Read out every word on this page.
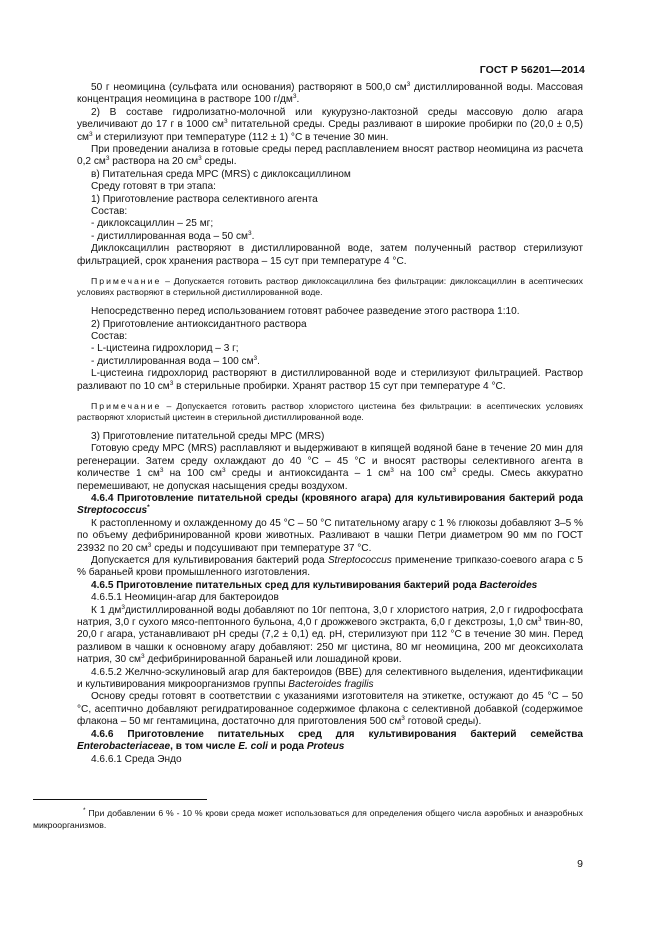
ГОСТ Р 56201—2014

50 г неомицина (сульфата или основания) растворяют в 500,0 $см^3$ дистиллированной воды. Массовая концентрация неомицина в растворе 100 $г/дм^3$.

2) В составе гидролизатно-молочной или кукурузно-лактозной среды массовую долю агара увеличивают до 17 г в 1000 $см^3$ питательной среды. Среды разливают в широкие пробирки по (20,0 ± 0,5) $см^3$ и стерилизуют при температуре (112 ± 1) °С в течение 30 мин.

При проведении анализа в готовые среды перед расплавлением вносят раствор неомицина из расчета 0,2 $см^3$ раствора на 20 $см^3$ среды.

в) Питательная среда МРС (MRS) с диклоксациллином

Среду готовят в три этапа:

1) Приготовление раствора селективного агента

Состав:

- диклоксациллин – 25 мг;

- дистиллированная вода – 50 $см^3$.

Диклоксациллин растворяют в дистиллированной воде, затем полученный раствор стерилизуют фильтрацией, срок хранения раствора – 15 сут при температуре 4 °С.

Примечание – Допускается готовить раствор диклоксациллина без фильтрации: диклоксациллин в асептических условиях растворяют в стерильной дистиллированной воде.

Непосредственно перед использованием готовят рабочее разведение этого раствора 1:10.

2) Приготовление антиоксидантного раствора

Состав:

- L-цистеина гидрохлорид – 3 г;

- дистиллированная вода – 100 $см^3$.

L-цистеина гидрохлорид растворяют в дистиллированной воде и стерилизуют фильтрацией. Раствор разливают по 10 $см^3$ в стерильные пробирки. Хранят раствор 15 сут при температуре 4 °С.

Примечание – Допускается готовить раствор хлористого цистеина без фильтрации: в асептических условиях растворяют хлористый цистеин в стерильной дистиллированной воде.

3) Приготовление питательной среды МРС (MRS)

Готовую среду МРС (MRS) расплавляют и выдерживают в кипящей водяной бане в течение 20 мин для регенерации. Затем среду охлаждают до 40 °С – 45 °С и вносят растворы селективного агента в количестве 1 $см^3$ на 100 $см^3$ среды и антиоксиданта – 1 $см^3$ на 100 $см^3$ среды. Смесь аккуратно перемешивают, не допуская насыщения среды воздухом.

4.6.4 Приготовление питательной среды (кровяного агара) для культивирования бактерий рода Streptococcus*

К растопленному и охлажденному до 45 °С – 50 °С питательному агару с 1 % глюкозы добавляют 3–5 % по объему дефибринированной крови животных. Разливают в чашки Петри диаметром 90 мм по ГОСТ 23932 по 20 $см^3$ среды и подсушивают при температуре 37 °С.

Допускается для культивирования бактерий рода Streptococcus применение трипказо-соевого агара с 5 % бараньей крови промышленного изготовления.

4.6.5 Приготовление питательных сред для культивирования бактерий рода Bacteroides

4.6.5.1 Неомицин-агар для бактероидов

К 1 $дм^3дистиллированной$ воды добавляют по 10г пептона, 3,0 г хлористого натрия, 2,0 г гидрофосфата натрия, 3,0 г сухого мясо-пептонного бульона, 4,0 г дрожжевого экстракта, 6,0 г декстрозы, 1,0 $см^3$ твин-80, 20,0 г агара, устанавливают рН среды (7,2 ± 0,1) ед. рН, стерилизуют при 112 °С в течение 30 мин. Перед разливом в чашки к основному агару добавляют: 250 мг цистина, 80 мг неомицина, 200 мг деоксихолата натрия, 30 $см^3$ дефибринированной бараньей или лошадиной крови.

4.6.5.2 Желчно-эскулиновый агар для бактероидов (BBE) для селективного выделения, идентификации и культивирования микроорганизмов группы Bacteroides fragilis

Основу среды готовят в соответствии с указаниями изготовителя на этикетке, остужают до 45 °С – 50 °С, асептично добавляют регидратированное содержимое флакона с селективной добавкой (содержимое флакона – 50 мг гентамицина, достаточно для приготовления 500 $см^3$ готовой среды).

4.6.6 Приготовление питательных сред для культивирования бактерий семейства Enterobacteriaceae, в том числе E. coli и рода Proteus

4.6.6.1 Среда Эндо

* При добавлении 6 % - 10 % крови среда может использоваться для определения общего числа аэробных и анаэробных микроорганизмов.

9
